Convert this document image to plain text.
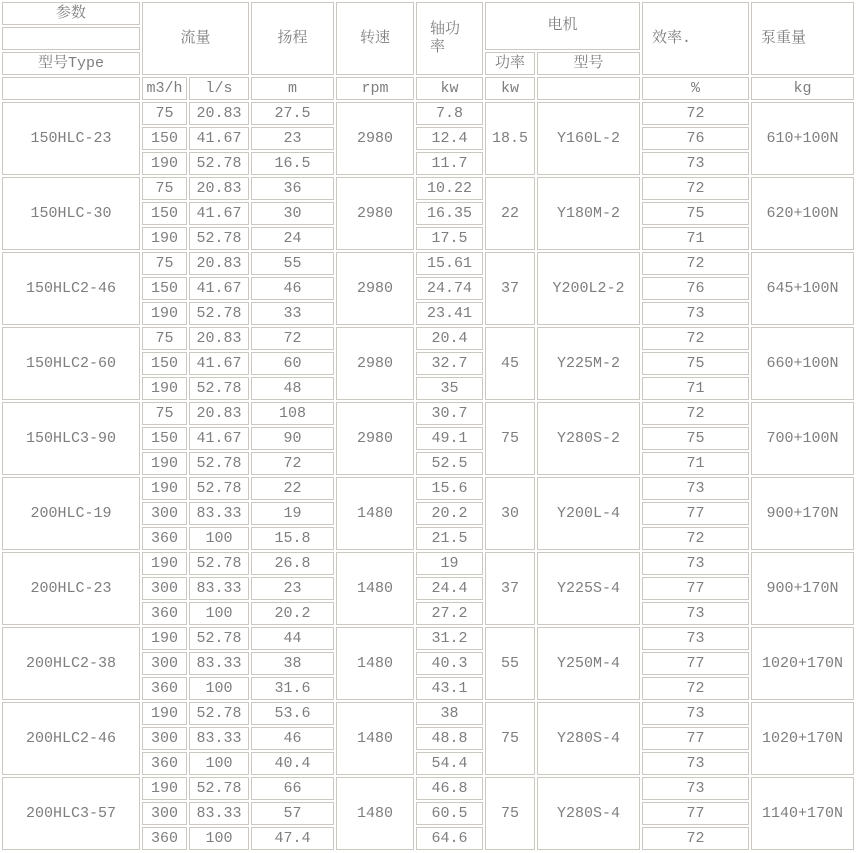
参数	流量		扬程	转速	轴功率	电机		效率.	泵重量

型号Type						功率	型号		
	m3/h	l/s	m	rpm	kw	kw		%	kg
150HLC-23	75	20.83	27.5	2980	7.8	18.5	Y160L-2	72	610+100N
	150	41.67	23		12.4			76	
	190	52.78	16.5		11.7			73	
150HLC-30	75	20.83	36	2980	10.22	22	Y180M-2	72	620+100N
	150	41.67	30		16.35			75	
	190	52.78	24		17.5			71	
150HLC2-46	75	20.83	55	2980	15.61	37	Y200L2-2	72	645+100N
	150	41.67	46		24.74			76	
	190	52.78	33		23.41			73	
150HLC2-60	75	20.83	72	2980	20.4	45	Y225M-2	72	660+100N
	150	41.67	60		32.7			75	
	190	52.78	48		35			71	
150HLC3-90	75	20.83	108	2980	30.7	75	Y280S-2	72	700+100N
	150	41.67	90		49.1			75	
	190	52.78	72		52.5			71	
200HLC-19	190	52.78	22	1480	15.6	30	Y200L-4	73	900+170N
	300	83.33	19		20.2			77	
	360	100	15.8		21.5			72	
200HLC-23	190	52.78	26.8	1480	19	37	Y225S-4	73	900+170N
	300	83.33	23		24.4			77	
	360	100	20.2		27.2			73	
200HLC2-38	190	52.78	44	1480	31.2	55	Y250M-4	73	1020+170N
	300	83.33	38		40.3			77	
	360	100	31.6		43.1			72	
200HLC2-46	190	52.78	53.6	1480	38	75	Y280S-4	73	1020+170N
	300	83.33	46		48.8			77	
	360	100	40.4		54.4			73	
200HLC3-57	190	52.78	66	1480	46.8	75	Y280S-4	73	1140+170N
	300	83.33	57		60.5			77	
	360	100	47.4		64.6			72	
